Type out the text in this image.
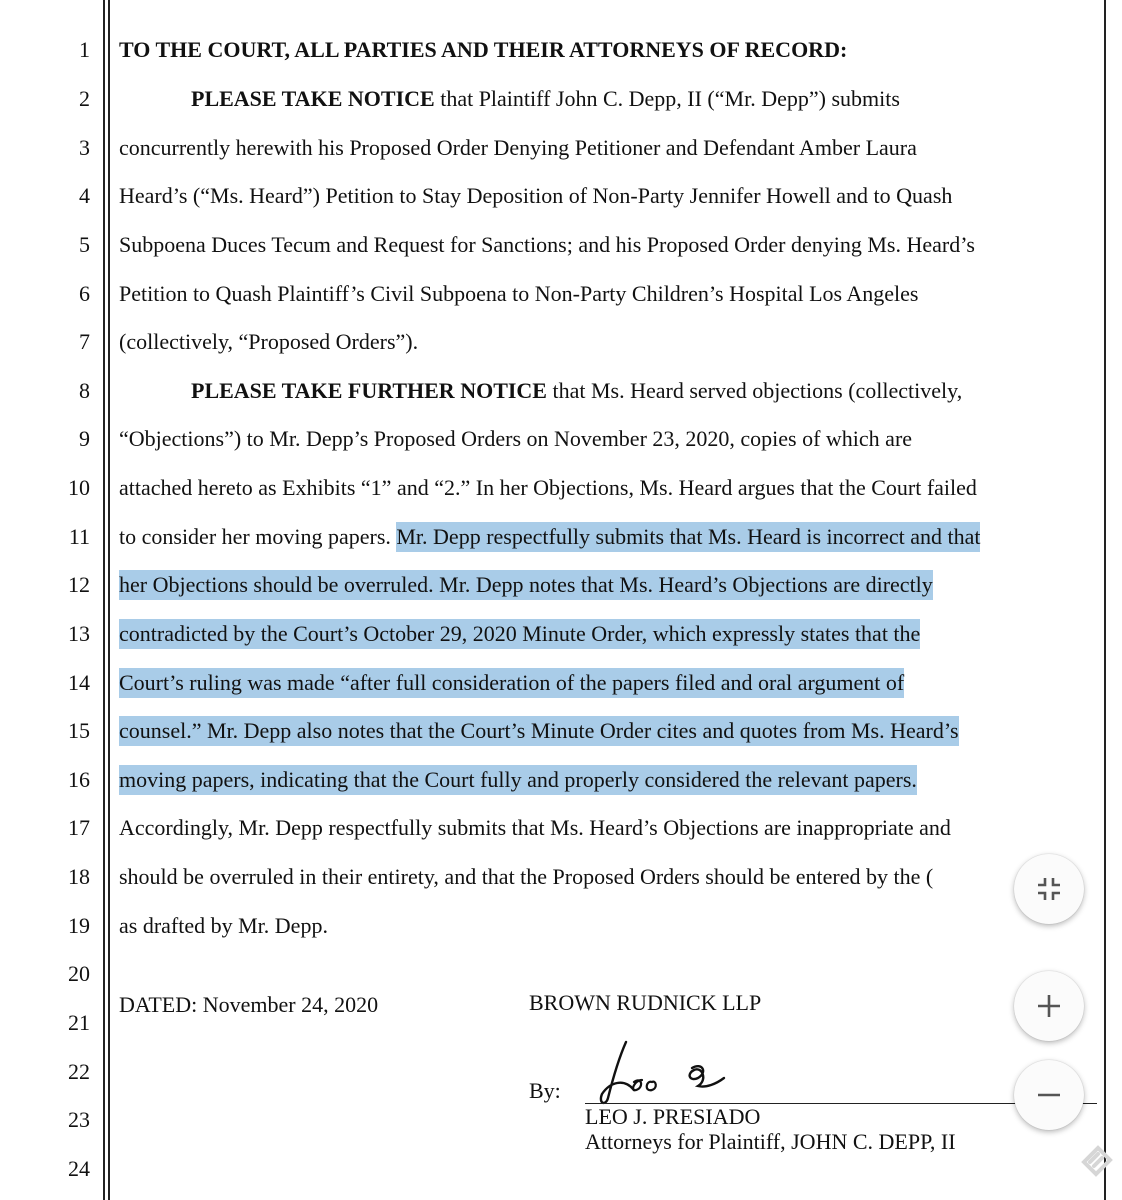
1
2
3
4
5
6
7
8
9
10
11
12
13
14
15
16
17
18
19
20
21
22
23
24
TO THE COURT, ALL PARTIES AND THEIR ATTORNEYS OF RECORD:
PLEASE TAKE NOTICE that Plaintiff John C. Depp, II (“Mr. Depp”) submits
concurrently herewith his Proposed Order Denying Petitioner and Defendant Amber Laura
Heard’s (“Ms. Heard”) Petition to Stay Deposition of Non-Party Jennifer Howell and to Quash
Subpoena Duces Tecum and Request for Sanctions; and his Proposed Order denying Ms. Heard’s
Petition to Quash Plaintiff’s Civil Subpoena to Non-Party Children’s Hospital Los Angeles
(collectively, “Proposed Orders”).
PLEASE TAKE FURTHER NOTICE that Ms. Heard served objections (collectively,
“Objections”) to Mr. Depp’s Proposed Orders on November 23, 2020, copies of which are
attached hereto as Exhibits “1” and “2.” In her Objections, Ms. Heard argues that the Court failed
to consider her moving papers. Mr. Depp respectfully submits that Ms. Heard is incorrect and that
her Objections should be overruled. Mr. Depp notes that Ms. Heard’s Objections are directly
contradicted by the Court’s October 29, 2020 Minute Order, which expressly states that the
Court’s ruling was made “after full consideration of the papers filed and oral argument of
counsel.” Mr. Depp also notes that the Court’s Minute Order cites and quotes from Ms. Heard’s
moving papers, indicating that the Court fully and properly considered the relevant papers.
Accordingly, Mr. Depp respectfully submits that Ms. Heard’s Objections are inappropriate and
should be overruled in their entirety, and that the Proposed Orders should be entered by the (
as drafted by Mr. Depp.
DATED: November 24, 2020	BROWN RUDNICK LLP
By:
LEO J. PRESIADO
Attorneys for Plaintiff, JOHN C. DEPP, II
